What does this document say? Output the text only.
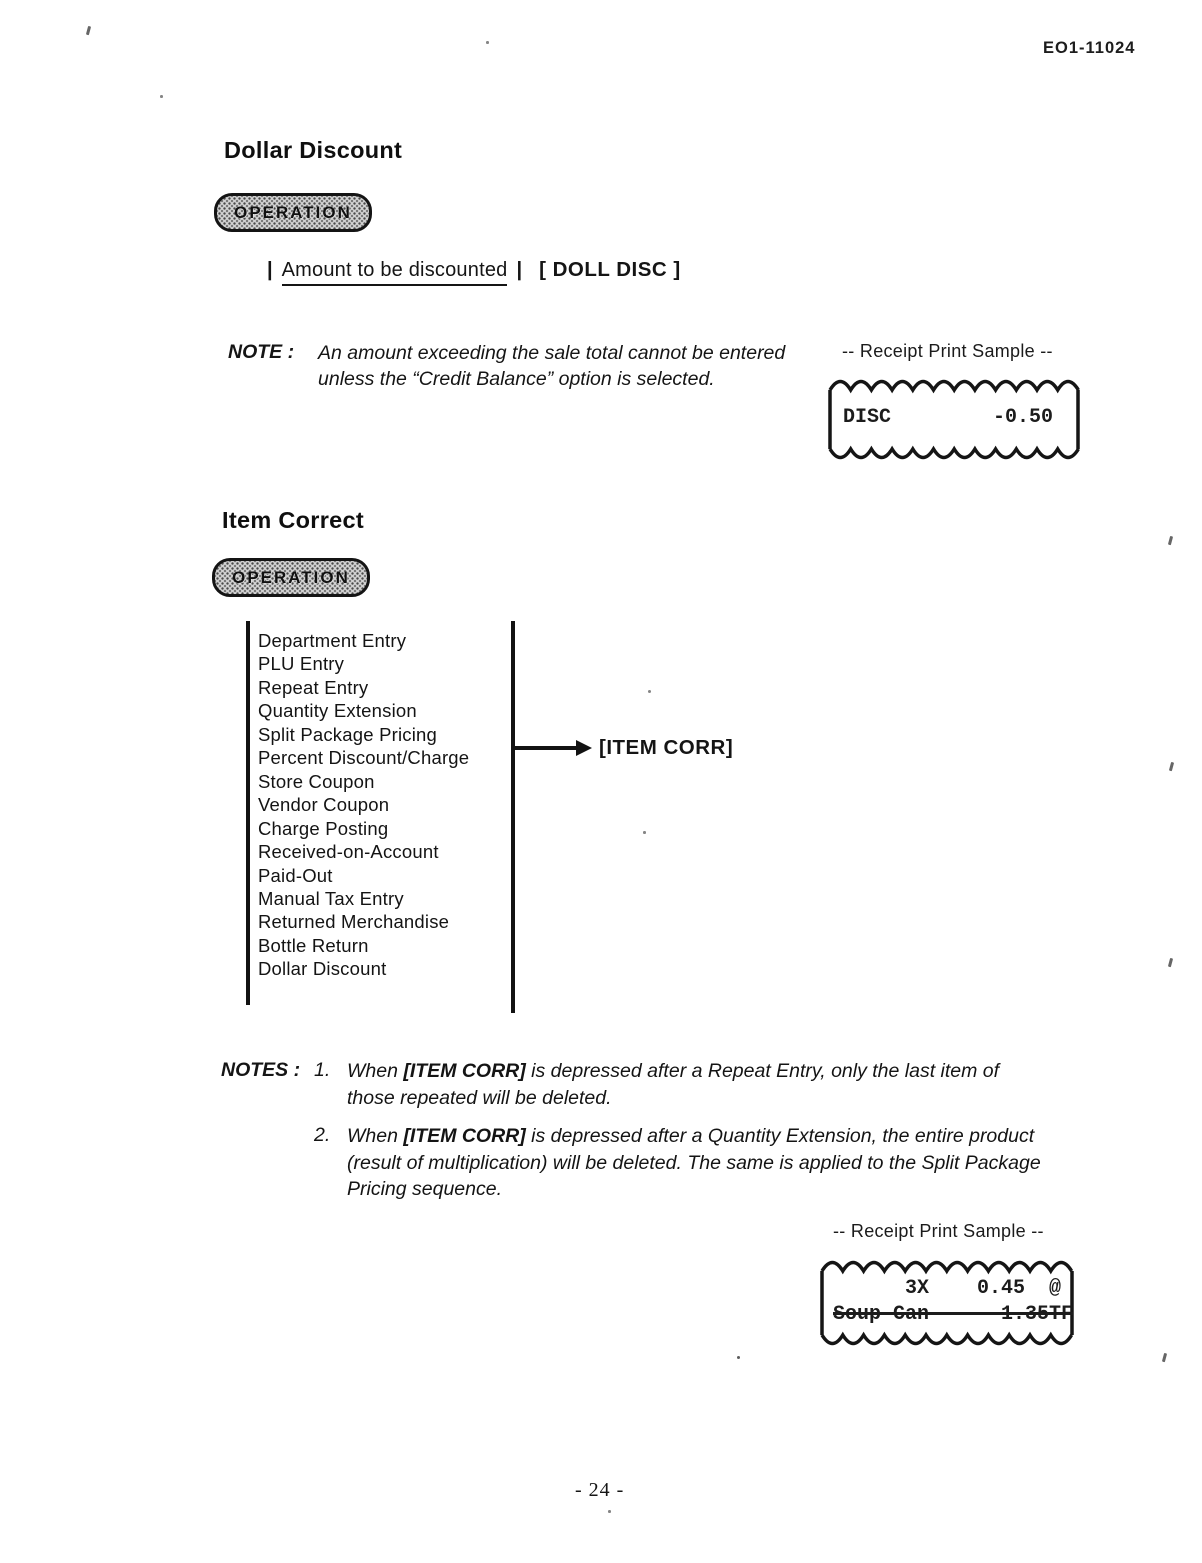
EO1-11024
Dollar Discount
OPERATION
| Amount to be discounted | [ DOLL DISC ]
NOTE : An amount exceeding the sale total cannot be entered unless the “Credit Balance” option is selected.
-- Receipt Print Sample --
DISC	-0.50
Item Correct
OPERATION
Department Entry
PLU Entry
Repeat Entry
Quantity Extension
Split Package Pricing
Percent Discount/Charge
Store Coupon
Vendor Coupon
Charge Posting
Received-on-Account
Paid-Out
Manual Tax Entry
Returned Merchandise
Bottle Return
Dollar Discount
[ITEM CORR]
NOTES : 1. When [ITEM CORR] is depressed after a Repeat Entry, only the last item of those repeated will be deleted.
2. When [ITEM CORR] is depressed after a Quantity Extension, the entire product (result of multiplication) will be deleted. The same is applied to the Split Package Pricing sequence.
-- Receipt Print Sample --
3X    0.45  @
Soup Can------1.35TF
- 24 -
